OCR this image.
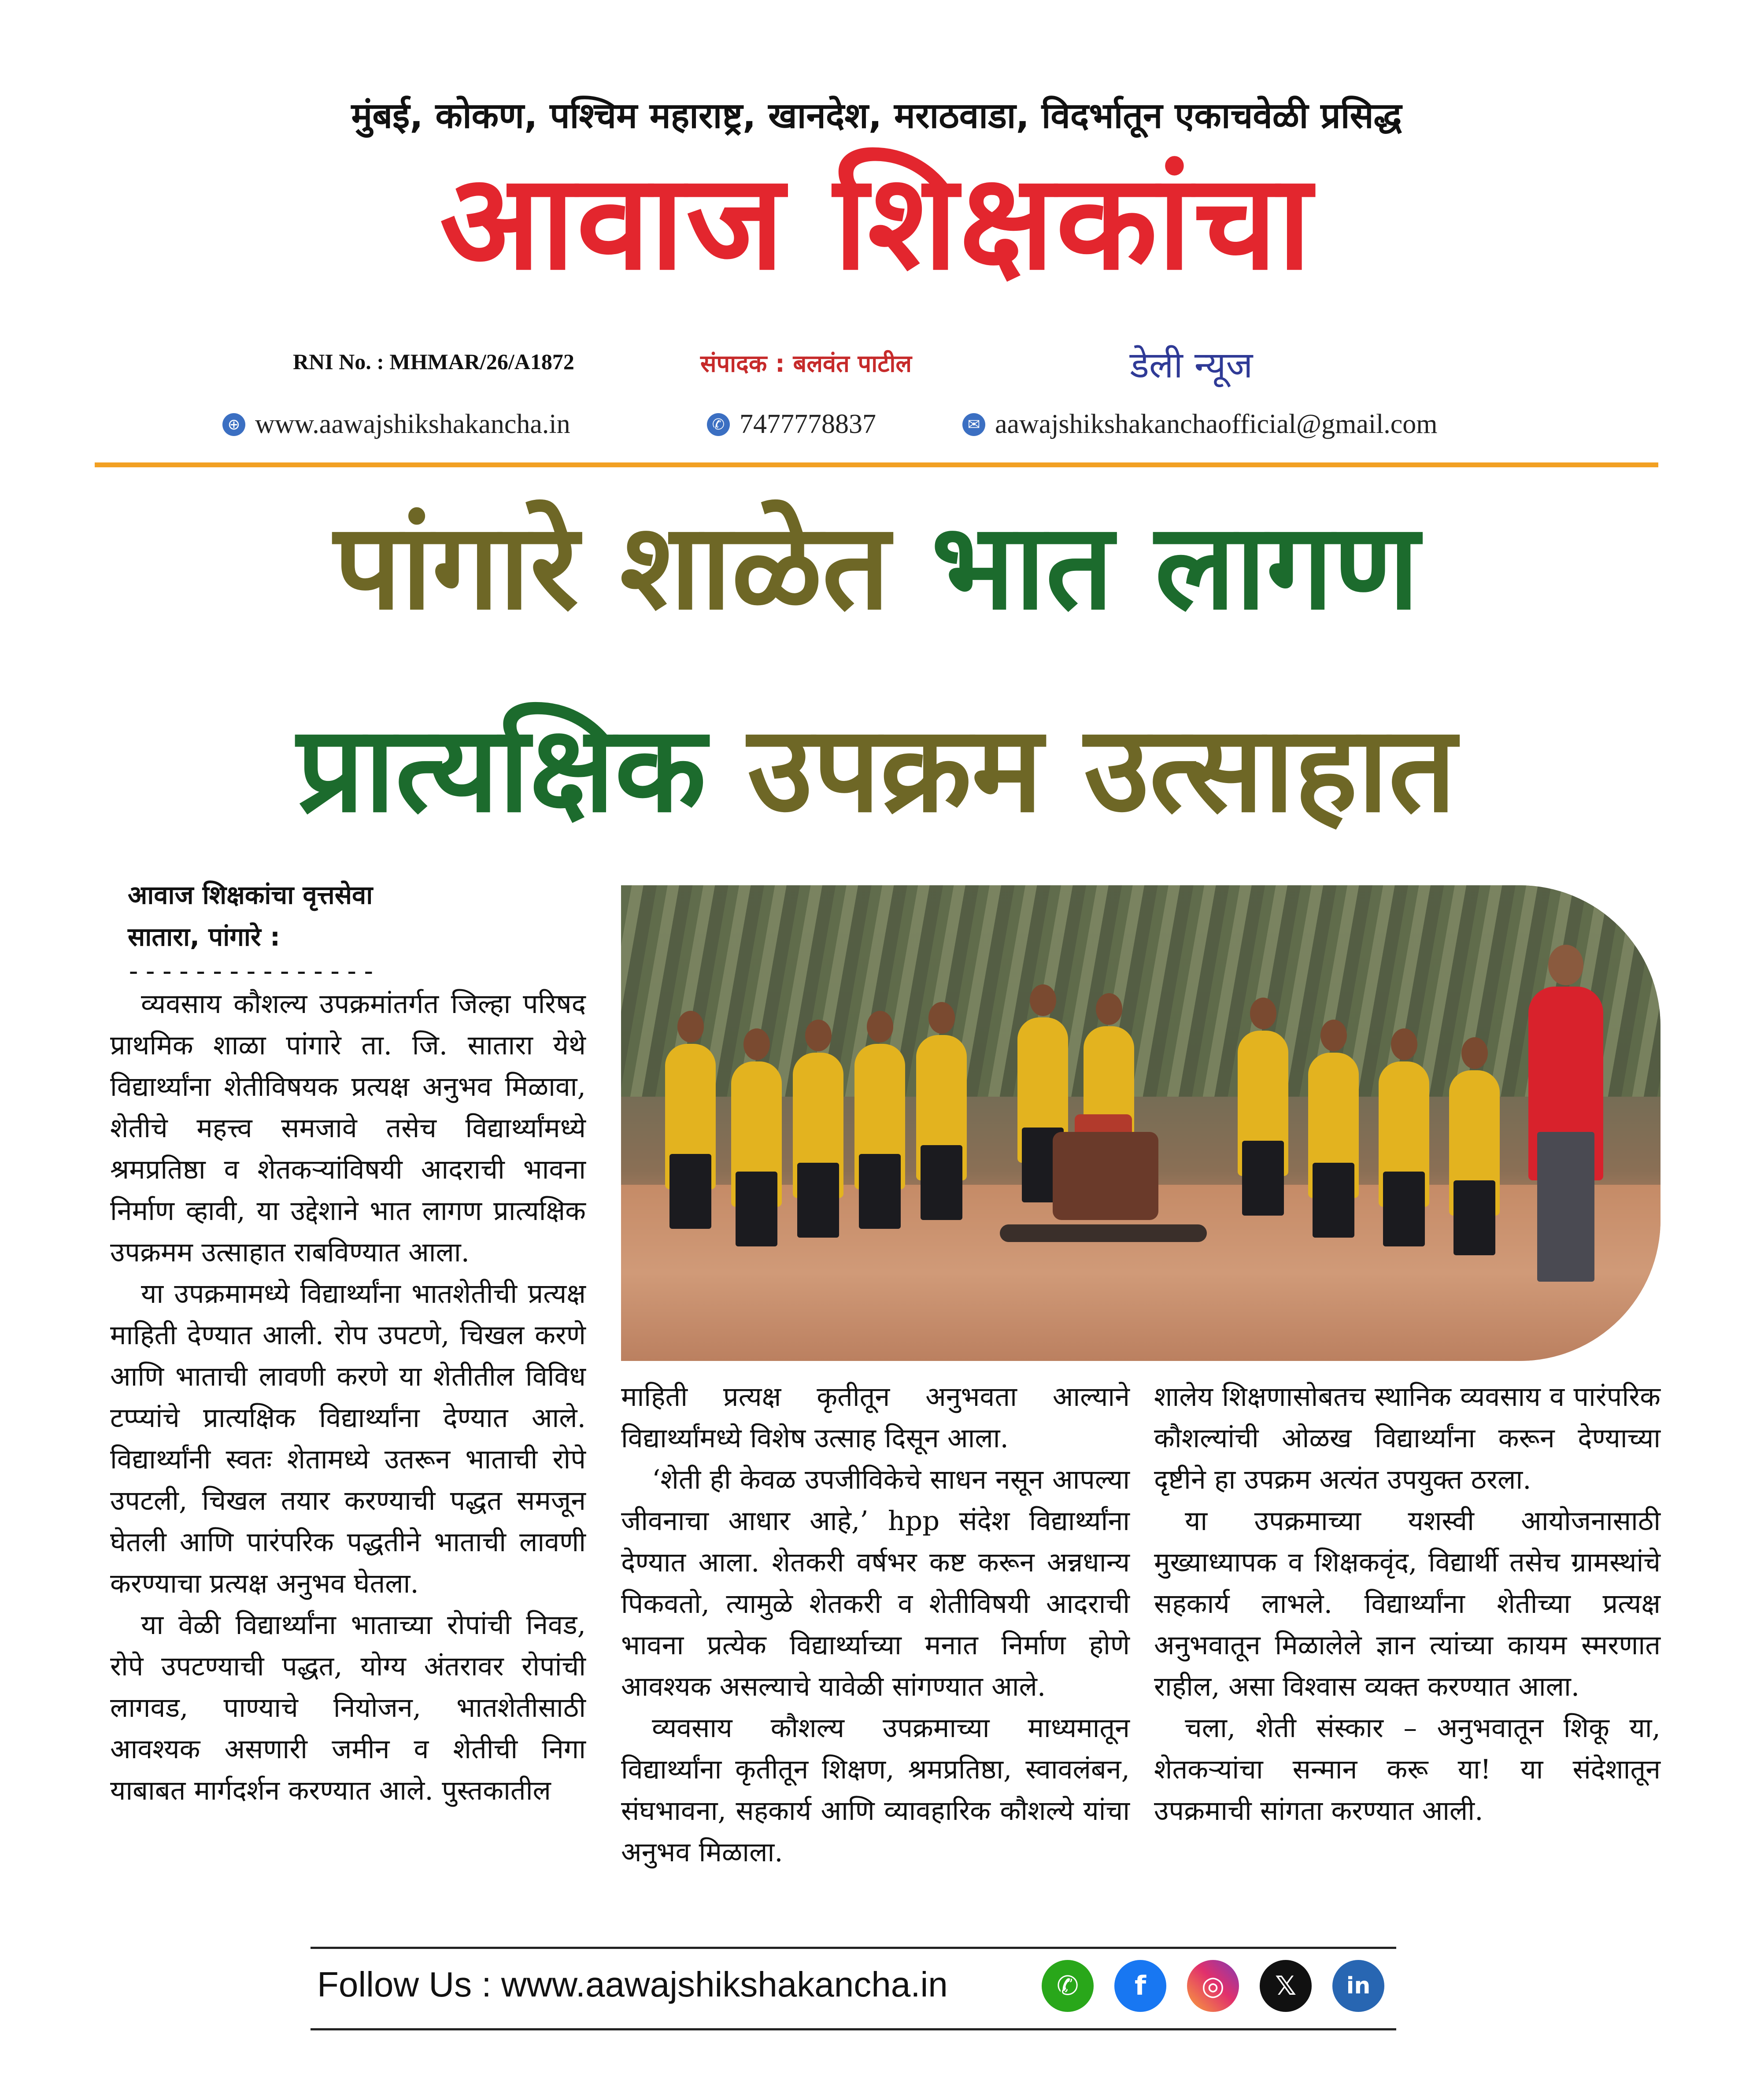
मुंबई, कोकण, पश्चिम महाराष्ट्र, खानदेश, मराठवाडा, विदर्भातून एकाचवेळी प्रसिद्ध
आवाज शिक्षकांचा
RNI No. : MHMAR/26/A1872	संपादक : बलवंत पाटील	डेली न्यूज
⊕ www.aawajshikshakancha.in	✆ 7477778837	✉ aawajshikshakanchaofficial@gmail.com
पांगारे शाळेत भात लागण
प्रात्यक्षिक उपक्रम उत्साहात
आवाज शिक्षकांचा वृत्तसेवा
सातारा, पांगारे :
---------------

व्यवसाय कौशल्य उपक्रमांतर्गत जिल्हा परिषद प्राथमिक शाळा पांगारे ता. जि. सातारा येथे विद्यार्थ्यांना शेतीविषयक प्रत्यक्ष अनुभव मिळावा, शेतीचे महत्त्व समजावे तसेच विद्यार्थ्यांमध्ये श्रमप्रतिष्ठा व शेतकऱ्यांविषयी आदराची भावना निर्माण व्हावी, या उद्देशाने भात लागण प्रात्यक्षिक उपक्रमम उत्साहात राबविण्यात आला.

या उपक्रमामध्ये विद्यार्थ्यांना भातशेतीची प्रत्यक्ष माहिती देण्यात आली. रोप उपटणे, चिखल करणे आणि भाताची लावणी करणे या शेतीतील विविध टप्प्यांचे प्रात्यक्षिक विद्यार्थ्यांना देण्यात आले. विद्यार्थ्यांनी स्वतः शेतामध्ये उतरून भाताची रोपे उपटली, चिखल तयार करण्याची पद्धत समजून घेतली आणि पारंपरिक पद्धतीने भाताची लावणी करण्याचा प्रत्यक्ष अनुभव घेतला.

या वेळी विद्यार्थ्यांना भाताच्या रोपांची निवड, रोपे उपटण्याची पद्धत, योग्य अंतरावर रोपांची लागवड, पाण्याचे नियोजन, भातशेतीसाठी आवश्यक असणारी जमीन व शेतीची निगा याबाबत मार्गदर्शन करण्यात आले. पुस्तकातील

माहिती प्रत्यक्ष कृतीतून अनुभवता आल्याने विद्यार्थ्यांमध्ये विशेष उत्साह दिसून आला.

‘शेती ही केवळ उपजीविकेचे साधन नसून आपल्या जीवनाचा आधार आहे,’ hpp संदेश विद्यार्थ्यांना देण्यात आला. शेतकरी वर्षभर कष्ट करून अन्नधान्य पिकवतो, त्यामुळे शेतकरी व शेतीविषयी आदराची भावना प्रत्येक विद्यार्थ्याच्या मनात निर्माण होणे आवश्यक असल्याचे यावेळी सांगण्यात आले.

व्यवसाय कौशल्य उपक्रमाच्या माध्यमातून विद्यार्थ्यांना कृतीतून शिक्षण, श्रमप्रतिष्ठा, स्वावलंबन, संघभावना, सहकार्य आणि व्यावहारिक कौशल्ये यांचा अनुभव मिळाला.

शालेय शिक्षणासोबतच स्थानिक व्यवसाय व पारंपरिक कौशल्यांची ओळख विद्यार्थ्यांना करून देण्याच्या दृष्टीने हा उपक्रम अत्यंत उपयुक्त ठरला.

या उपक्रमाच्या यशस्वी आयोजनासाठी मुख्याध्यापक व शिक्षकवृंद, विद्यार्थी तसेच ग्रामस्थांचे सहकार्य लाभले. विद्यार्थ्यांना शेतीच्या प्रत्यक्ष अनुभवातून मिळालेले ज्ञान त्यांच्या कायम स्मरणात राहील, असा विश्वास व्यक्त करण्यात आला.

चला, शेती संस्कार – अनुभवातून शिकू या, शेतकऱ्यांचा सन्मान करू या! या संदेशातून उपक्रमाची सांगता करण्यात आली.

Follow Us : www.aawajshikshakancha.in	✆	f	◎	𝕏	in
